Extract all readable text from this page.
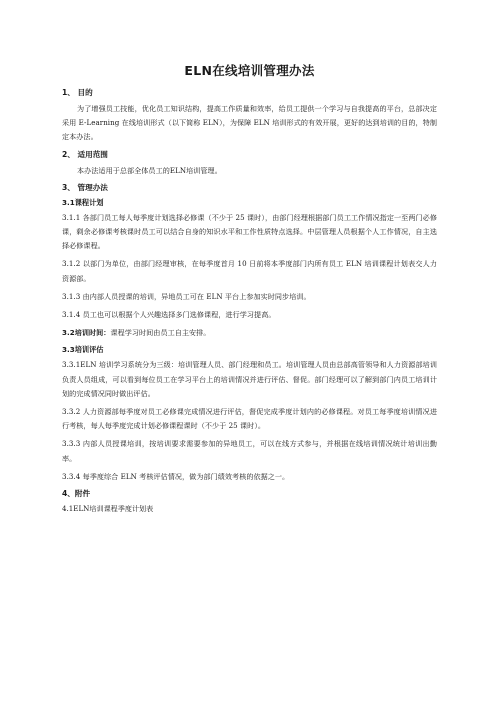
ELN在线培训管理办法
1、 目的

为了增强员工技能，优化员工知识结构，提高工作质量和效率，给员工提供一个学习与自我提高的平台，总部决定采用 E-Learning 在线培训形式（以下简称 ELN），为保障 ELN 培训形式的有效开展，更好的达到培训的目的，特制定本办法。

2、 适用范围

本办法适用于总部全体员工的ELN培训管理。

3、 管理办法
3.1课程计划

3.1.1 各部门员工每人每季度计划选择必修课（不少于 25 课时），由部门经理根据部门员工工作情况指定一至两门必修课，剩余必修课考核课时员工可以结合自身的知识水平和工作性质特点选择。中层管理人员根据个人工作情况，自主选择必修课程。

3.1.2 以部门为单位，由部门经理审核，在每季度首月 10 日前将本季度部门内所有员工 ELN 培训课程计划表交人力资源部。

3.1.3 由内部人员授课的培训，异地员工可在 ELN 平台上参加实时同步培训。

3.1.4 员工也可以根据个人兴趣选择多门选修课程，进行学习提高。

3.2培训时间：课程学习时间由员工自主安排。

3.3培训评估

3.3.1ELN 培训学习系统分为三级：培训管理人员、部门经理和员工。培训管理人员由总部高管领导和人力资源部培训负责人员组成，可以看到每位员工在学习平台上的培训情况并进行评估、督促。部门经理可以了解到部门内员工培训计划的完成情况同时做出评估。

3.3.2 人力资源部每季度对员工必修课完成情况进行评估，督促完成季度计划内的必修课程。对员工每季度培训情况进行考核，每人每季度完成计划必修课程课时（不少于 25 课时）。

3.3.3 内部人员授课培训，按培训要求需要参加的异地员工，可以在线方式参与，并根据在线培训情况统计培训出勤率。

3.3.4 每季度综合 ELN 考核评估情况，做为部门绩效考核的依据之一。

4、附件

4.1ELN培训课程季度计划表
